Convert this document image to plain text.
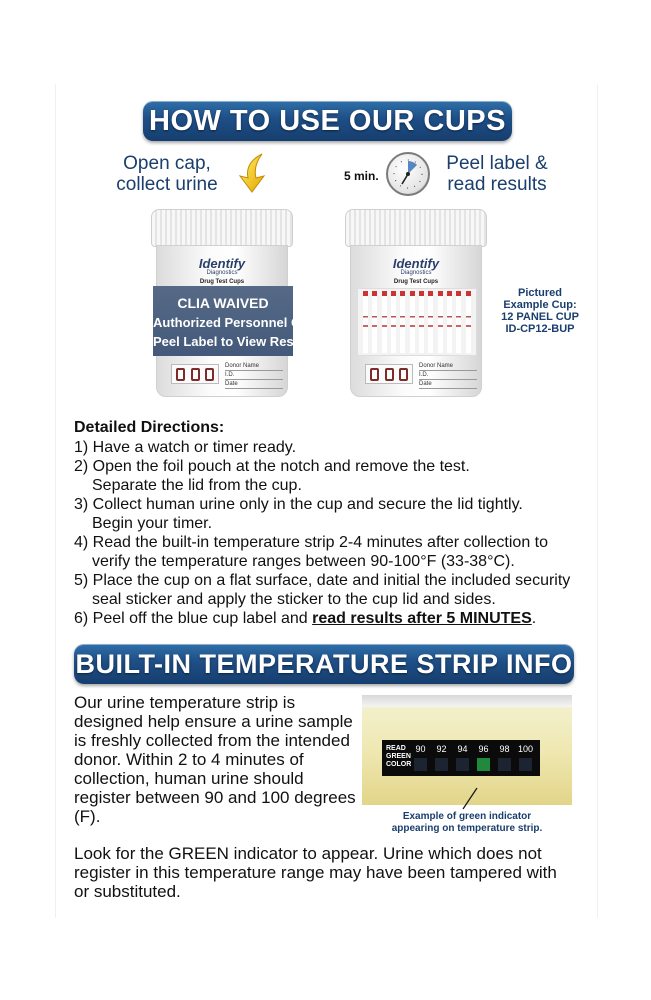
HOW TO USE OUR CUPS
Open cap,
collect urine	5 min.
Peel label &
read results
Identify
Diagnostics
Drug Test Cups
CLIA WAIVED
Authorized Personnel Only
Peel Label to View Results
Donor Name
I.D.
Date
Identify
Diagnostics
Drug Test Cups
Donor Name
I.D.
Date
Pictured
Example Cup:
12 PANEL CUP
ID-CP12-BUP
Detailed Directions:
1) Have a watch or timer ready.
2) Open the foil pouch at the notch and remove the test.
Separate the lid from the cup.
3) Collect human urine only in the cup and secure the lid tightly.
Begin your timer.
4) Read the built-in temperature strip 2-4 minutes after collection to
verify the temperature ranges between 90-100°F (33-38°C).
5) Place the cup on a flat surface, date and initial the included security
seal sticker and apply the sticker to the cup lid and sides.
6) Peel off the blue cup label and read results after 5 MINUTES.
BUILT-IN TEMPERATURE STRIP INFO
Our urine temperature strip is designed help ensure a urine sample is freshly collected from the intended donor. Within 2 to 4 minutes of collection, human urine should register between 90 and 100 degrees (F).
READ
GREEN
COLOR
90	92	94	96	98 100
Example of green indicator
appearing on temperature strip.
Look for the GREEN indicator to appear. Urine which does not register in this temperature range may have been tampered with or substituted.
